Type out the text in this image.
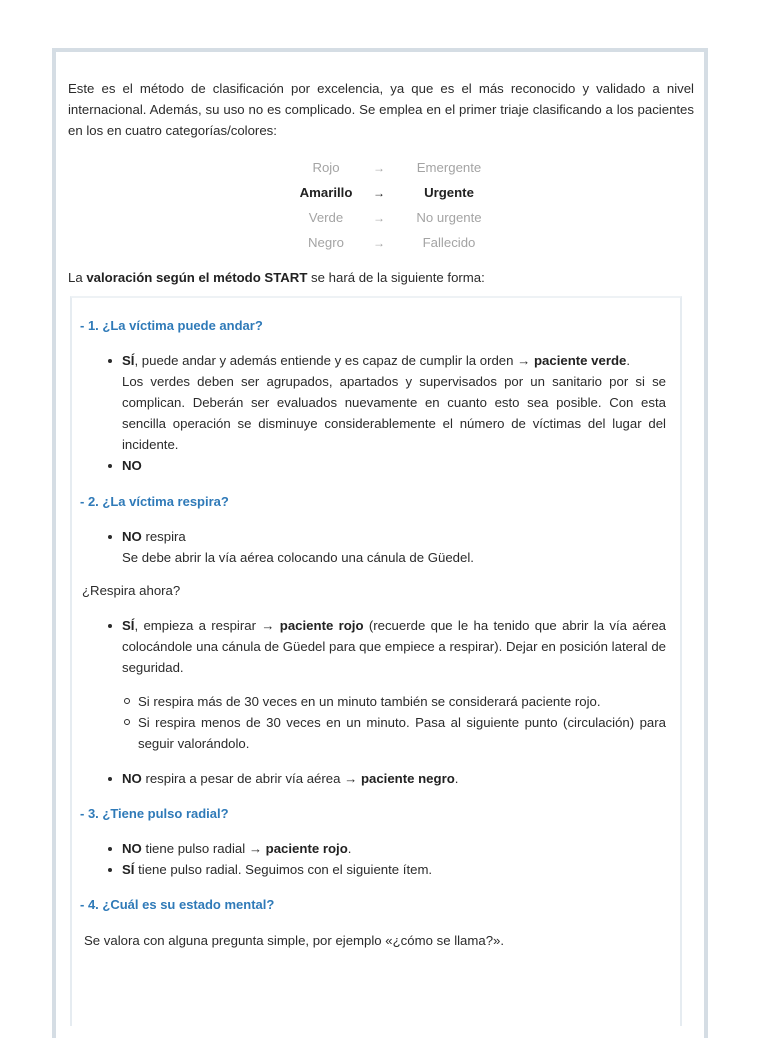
Este es el método de clasificación por excelencia, ya que es el más reconocido y validado a nivel internacional. Además, su uso no es complicado. Se emplea en el primer triaje clasificando a los pacientes en los en cuatro categorías/colores:

Rojo	→	Emergente
Amarillo	→	Urgente
Verde	→	No urgente
Negro	→	Fallecido

La valoración según el método START se hará de la siguiente forma:

- 1. ¿La víctima puede andar?

SÍ, puede andar y además entiende y es capaz de cumplir la orden → paciente verde.
Los verdes deben ser agrupados, apartados y supervisados por un sanitario por si se complican. Deberán ser evaluados nuevamente en cuanto esto sea posible. Con esta sencilla operación se disminuye considerablemente el número de víctimas del lugar del incidente.
NO

- 2. ¿La víctima respira?

NO respira
Se debe abrir la vía aérea colocando una cánula de Güedel.

¿Respira ahora?

SÍ, empieza a respirar → paciente rojo (recuerde que le ha tenido que abrir la vía aérea colocándole una cánula de Güedel para que empiece a respirar). Dejar en posición lateral de seguridad.
Si respira más de 30 veces en un minuto también se considerará paciente rojo.
Si respira menos de 30 veces en un minuto. Pasa al siguiente punto (circulación) para seguir valorándolo.
NO respira a pesar de abrir vía aérea → paciente negro.

- 3. ¿Tiene pulso radial?

NO tiene pulso radial → paciente rojo.
SÍ tiene pulso radial. Seguimos con el siguiente ítem.

- 4. ¿Cuál es su estado mental?

Se valora con alguna pregunta simple, por ejemplo «¿cómo se llama?».
